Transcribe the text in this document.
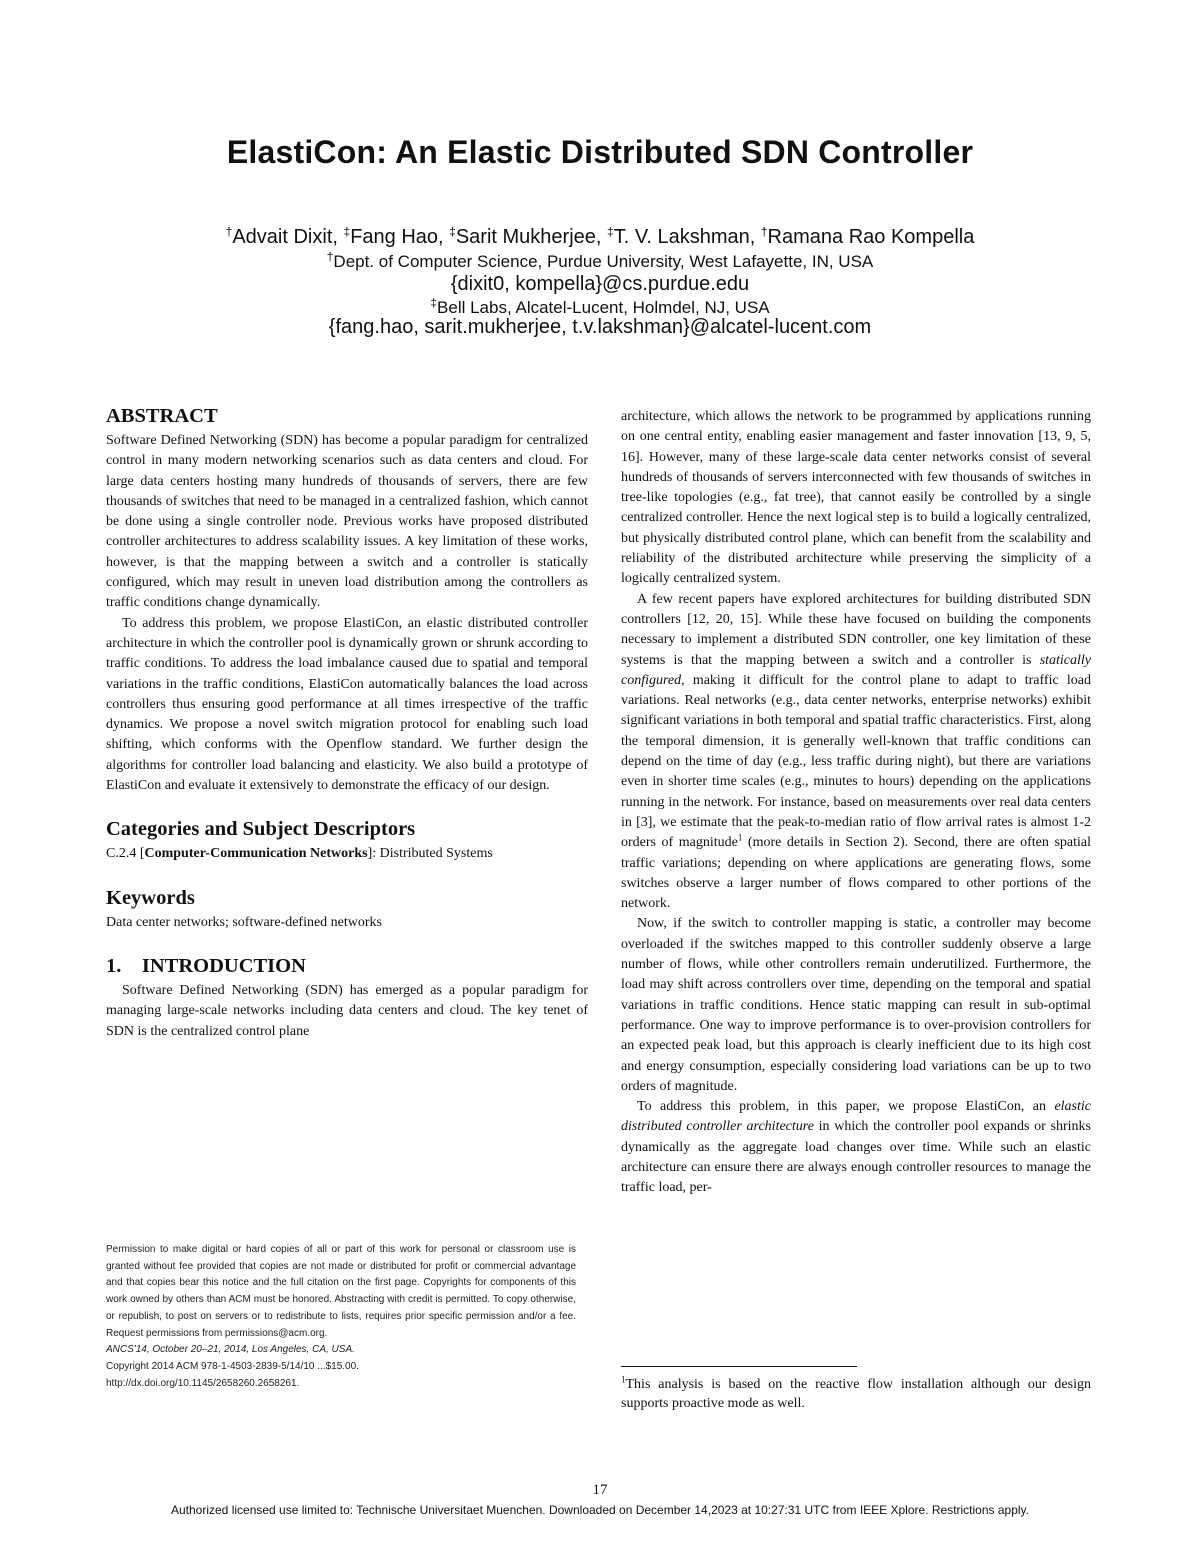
ElastiCon: An Elastic Distributed SDN Controller
†Advait Dixit, ‡Fang Hao, ‡Sarit Mukherjee, ‡T. V. Lakshman, †Ramana Rao Kompella
†Dept. of Computer Science, Purdue University, West Lafayette, IN, USA
{dixit0, kompella}@cs.purdue.edu
‡Bell Labs, Alcatel-Lucent, Holmdel, NJ, USA
{fang.hao, sarit.mukherjee, t.v.lakshman}@alcatel-lucent.com
ABSTRACT

Software Defined Networking (SDN) has become a popular paradigm for centralized control in many modern networking scenarios such as data centers and cloud. For large data centers hosting many hundreds of thousands of servers, there are few thousands of switches that need to be managed in a centralized fashion, which cannot be done using a single controller node. Previous works have proposed distributed controller architectures to address scalability issues. A key limitation of these works, however, is that the mapping between a switch and a controller is statically configured, which may result in uneven load distribution among the controllers as traffic conditions change dynamically.

To address this problem, we propose ElastiCon, an elastic distributed controller architecture in which the controller pool is dynamically grown or shrunk according to traffic conditions. To address the load imbalance caused due to spatial and temporal variations in the traffic conditions, ElastiCon automatically balances the load across controllers thus ensuring good performance at all times irrespective of the traffic dynamics. We propose a novel switch migration protocol for enabling such load shifting, which conforms with the Openflow standard. We further design the algorithms for controller load balancing and elasticity. We also build a prototype of ElastiCon and evaluate it extensively to demonstrate the efficacy of our design.

Categories and Subject Descriptors

C.2.4 [Computer-Communication Networks]: Distributed Systems

Keywords

Data center networks; software-defined networks

1.    INTRODUCTION

Software Defined Networking (SDN) has emerged as a popular paradigm for managing large-scale networks including data centers and cloud. The key tenet of SDN is the centralized control plane

Permission to make digital or hard copies of all or part of this work for personal or classroom use is granted without fee provided that copies are not made or distributed for profit or commercial advantage and that copies bear this notice and the full citation on the first page. Copyrights for components of this work owned by others than ACM must be honored. Abstracting with credit is permitted. To copy otherwise, or republish, to post on servers or to redistribute to lists, requires prior specific permission and/or a fee. Request permissions from permissions@acm.org.

ANCS'14, October 20–21, 2014, Los Angeles, CA, USA.

Copyright 2014 ACM 978-1-4503-2839-5/14/10 ...$15.00.

http://dx.doi.org/10.1145/2658260.2658261.

architecture, which allows the network to be programmed by applications running on one central entity, enabling easier management and faster innovation [13, 9, 5, 16]. However, many of these large-scale data center networks consist of several hundreds of thousands of servers interconnected with few thousands of switches in tree-like topologies (e.g., fat tree), that cannot easily be controlled by a single centralized controller. Hence the next logical step is to build a logically centralized, but physically distributed control plane, which can benefit from the scalability and reliability of the distributed architecture while preserving the simplicity of a logically centralized system.

A few recent papers have explored architectures for building distributed SDN controllers [12, 20, 15]. While these have focused on building the components necessary to implement a distributed SDN controller, one key limitation of these systems is that the mapping between a switch and a controller is statically configured, making it difficult for the control plane to adapt to traffic load variations. Real networks (e.g., data center networks, enterprise networks) exhibit significant variations in both temporal and spatial traffic characteristics. First, along the temporal dimension, it is generally well-known that traffic conditions can depend on the time of day (e.g., less traffic during night), but there are variations even in shorter time scales (e.g., minutes to hours) depending on the applications running in the network. For instance, based on measurements over real data centers in [3], we estimate that the peak-to-median ratio of flow arrival rates is almost 1-2 orders of magnitude$^1$ (more details in Section 2). Second, there are often spatial traffic variations; depending on where applications are generating flows, some switches observe a larger number of flows compared to other portions of the network.

Now, if the switch to controller mapping is static, a controller may become overloaded if the switches mapped to this controller suddenly observe a large number of flows, while other controllers remain underutilized. Furthermore, the load may shift across controllers over time, depending on the temporal and spatial variations in traffic conditions. Hence static mapping can result in sub-optimal performance. One way to improve performance is to over-provision controllers for an expected peak load, but this approach is clearly inefficient due to its high cost and energy consumption, especially considering load variations can be up to two orders of magnitude.

To address this problem, in this paper, we propose ElastiCon, an elastic distributed controller architecture in which the controller pool expands or shrinks dynamically as the aggregate load changes over time. While such an elastic architecture can ensure there are always enough controller resources to manage the traffic load, per-

$^1$This analysis is based on the reactive flow installation although our design supports proactive mode as well.

17
Authorized licensed use limited to: Technische Universitaet Muenchen. Downloaded on December 14,2023 at 10:27:31 UTC from IEEE Xplore. Restrictions apply.
